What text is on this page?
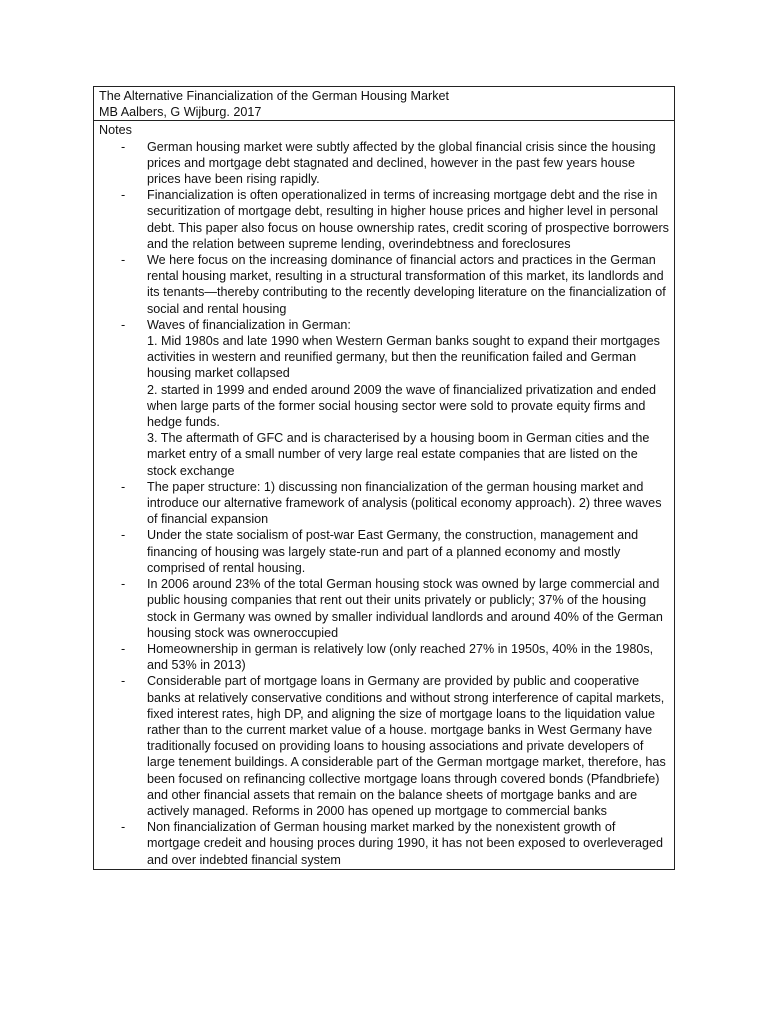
The Alternative Financialization of the German Housing Market
MB Aalbers, G Wijburg. 2017
Notes
- German housing market were subtly affected by the global financial crisis since the housing prices and mortgage debt stagnated and declined, however in the past few years house prices have been rising rapidly.
- Financialization is often operationalized in terms of increasing mortgage debt and the rise in securitization of mortgage debt, resulting in higher house prices and higher level in personal debt. This paper also focus on house ownership rates, credit scoring of prospective borrowers and the relation between supreme lending, overindebtness and foreclosures
- We here focus on the increasing dominance of financial actors and practices in the German rental housing market, resulting in a structural transformation of this market, its landlords and its tenants—thereby contributing to the recently developing literature on the financialization of social and rental housing
- Waves of financialization in German:
1. Mid 1980s and late 1990 when Western German banks sought to expand their mortgages activities in western and reunified germany, but then the reunification failed and German housing market collapsed
2. started in 1999 and ended around 2009 the wave of financialized privatization and ended when large parts of the former social housing sector were sold to provate equity firms and hedge funds.
3. The aftermath of GFC and is characterised by a housing boom in German cities and the market entry of a small number of very large real estate companies that are listed on the stock exchange
- The paper structure: 1) discussing non financialization of the german housing market and introduce our alternative framework of analysis (political economy approach). 2) three waves of financial expansion
- Under the state socialism of post-war East Germany, the construction, management and financing of housing was largely state-run and part of a planned economy and mostly comprised of rental housing.
- In 2006 around 23% of the total German housing stock was owned by large commercial and public housing companies that rent out their units privately or publicly; 37% of the housing stock in Germany was owned by smaller individual landlords and around 40% of the German housing stock was owneroccupied
- Homeownership in german is relatively low (only reached 27% in 1950s, 40% in the 1980s, and 53% in 2013)
- Considerable part of mortgage loans in Germany are provided by public and cooperative banks at relatively conservative conditions and without strong interference of capital markets, fixed interest rates, high DP, and aligning the size of mortgage loans to the liquidation value rather than to the current market value of a house. mortgage banks in West Germany have traditionally focused on providing loans to housing associations and private developers of large tenement buildings. A considerable part of the German mortgage market, therefore, has been focused on refinancing collective mortgage loans through covered bonds (Pfandbriefe) and other financial assets that remain on the balance sheets of mortgage banks and are actively managed. Reforms in 2000 has opened up mortgage to commercial banks
- Non financialization of German housing market marked by the nonexistent growth of mortgage credeit and housing proces during 1990, it has not been exposed to overleveraged and over indebted financial system
